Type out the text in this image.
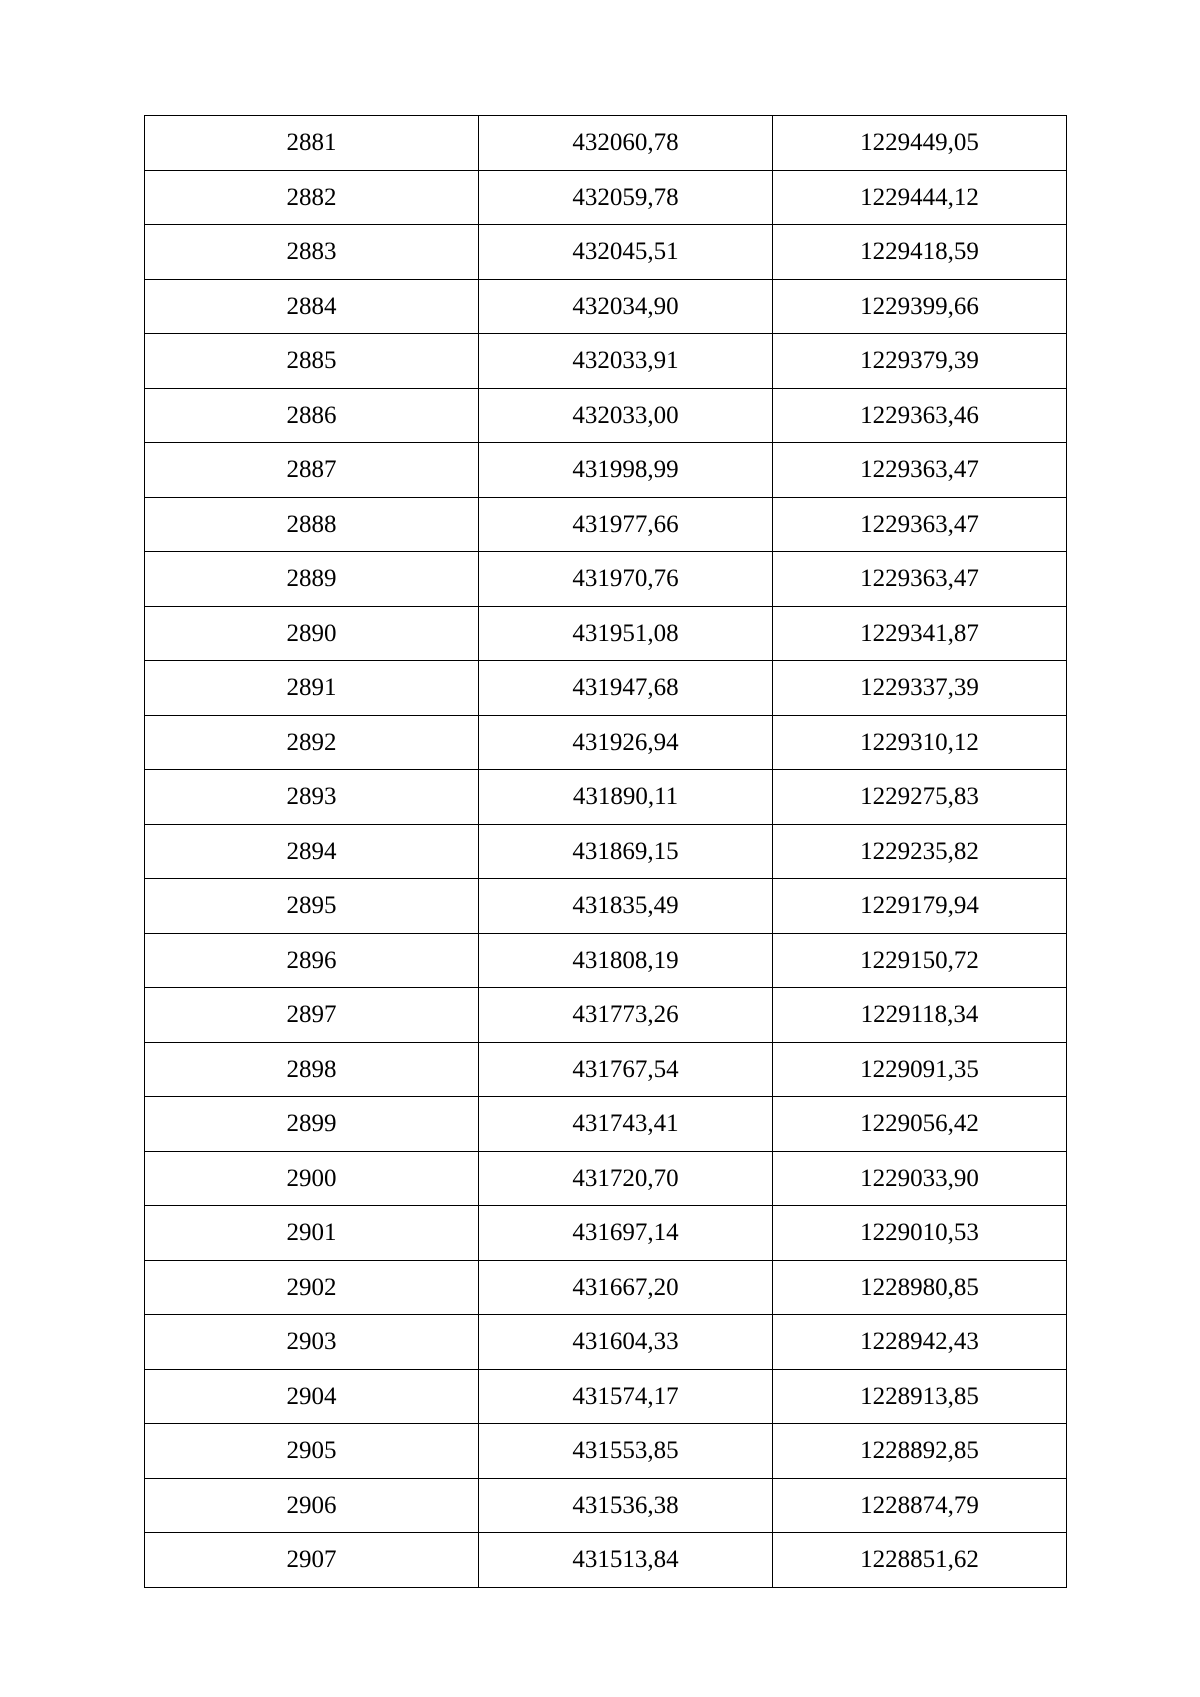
2881	432060,78	1229449,05
2882	432059,78	1229444,12
2883	432045,51	1229418,59
2884	432034,90	1229399,66
2885	432033,91	1229379,39
2886	432033,00	1229363,46
2887	431998,99	1229363,47
2888	431977,66	1229363,47
2889	431970,76	1229363,47
2890	431951,08	1229341,87
2891	431947,68	1229337,39
2892	431926,94	1229310,12
2893	431890,11	1229275,83
2894	431869,15	1229235,82
2895	431835,49	1229179,94
2896	431808,19	1229150,72
2897	431773,26	1229118,34
2898	431767,54	1229091,35
2899	431743,41	1229056,42
2900	431720,70	1229033,90
2901	431697,14	1229010,53
2902	431667,20	1228980,85
2903	431604,33	1228942,43
2904	431574,17	1228913,85
2905	431553,85	1228892,85
2906	431536,38	1228874,79
2907	431513,84	1228851,62
